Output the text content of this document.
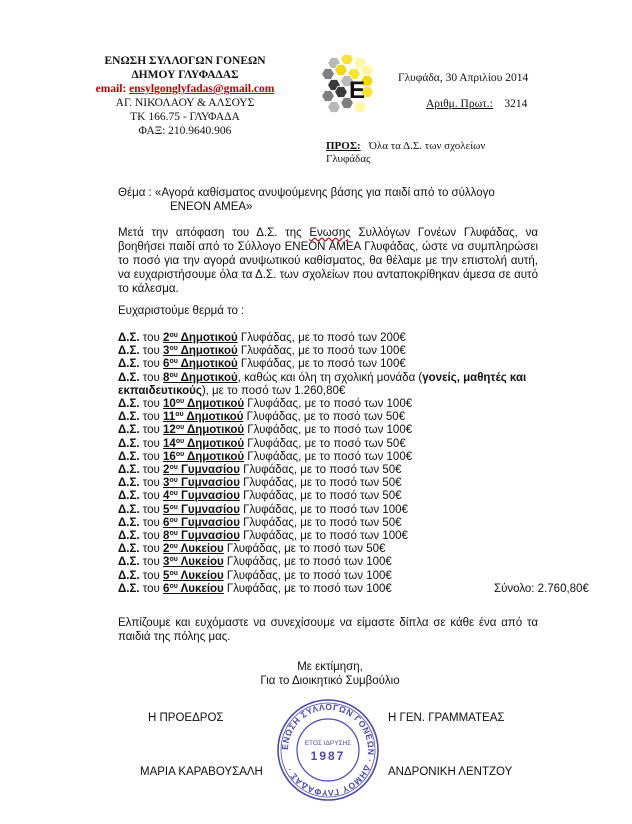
ΕΝΩΣΗ ΣΥΛΛΟΓΩΝ ΓΟΝΕΩΝ
ΔΗΜΟΥ ΓΛΥΦΑΔΑΣ
email: ensylgonglyfadas@gmail.com
ΑΓ. ΝΙΚΟΛΑΟΥ & ΑΛΣΟΥΣ
ΤΚ 166.75 - ΓΛΥΦΑΔΑ
ΦΑΞ: 210.9640.906
E	Γλυφάδα, 30 Απριλίου 2014
Αριθμ. Πρωτ.: 3214
ΠΡΟΣ: Όλα τα Δ.Σ. των σχολείων
Γλυφάδας
Θέμα : «Αγορά καθίσματος ανυψούμενης βάσης για παιδί από το σύλλογο
ΕΝΕΟΝ ΑΜΕΑ»
Μετά την απόφαση του Δ.Σ. της Ενωσης Συλλόγων Γονέων Γλυφάδας, να βοηθήσει παιδί από το Σύλλογο ΕΝΕΟΝ ΑΜΕΑ Γλυφάδας, ώστε να συμπληρώσει το ποσό για την αγορά ανυψωτικού καθίσματος, θα θέλαμε με την επιστολή αυτή, να ευχαριστήσουμε όλα τα Δ.Σ. των σχολείων που ανταποκρίθηκαν άμεσα σε αυτό το κάλεσμα.
Ευχαριστούμε θερμά το :
Δ.Σ. του $2^{o\upsilon}$ Δημοτικού Γλυφάδας, με το ποσό των 200€
Δ.Σ. του $3^{o\upsilon}$ Δημοτικού Γλυφάδας, με το ποσό των 100€
Δ.Σ. του $6^{o\upsilon}$ Δημοτικού Γλυφάδας, με το ποσό των 100€
Δ.Σ. του $8^{o\upsilon}$ Δημοτικού, καθώς και όλη τη σχολική μονάδα (γονείς, μαθητές και εκπαιδευτικούς), με το ποσό των 1.260,80€
Δ.Σ. του $10^{o\upsilon}$ Δημοτικού Γλυφάδας, με το ποσό των 100€
Δ.Σ. του $11^{o\upsilon}$ Δημοτικού Γλυφάδας, με το ποσό των 50€
Δ.Σ. του $12^{o\upsilon}$ Δημοτικού Γλυφάδας, με το ποσό των 100€
Δ.Σ. του $14^{o\upsilon}$ Δημοτικού Γλυφάδας, με το ποσό των 50€
Δ.Σ. του $16^{o\upsilon}$ Δημοτικού Γλυφάδας, με το ποσό των 100€
Δ.Σ. του $2^{o\upsilon}$ Γυμνασίου Γλυφάδας, με το ποσό των 50€
Δ.Σ. του $3^{o\upsilon}$ Γυμνασίου Γλυφάδας, με το ποσό των 50€
Δ.Σ. του $4^{o\upsilon}$ Γυμνασίου Γλυφάδας, με το ποσό των 50€
Δ.Σ. του $5^{o\upsilon}$ Γυμνασίου Γλυφάδας, με το ποσό των 100€
Δ.Σ. του $6^{o\upsilon}$ Γυμνασίου Γλυφάδας, με το ποσό των 50€
Δ.Σ. του $8^{o\upsilon}$ Γυμνασίου Γλυφάδας, με το ποσό των 100€
Δ.Σ. του $2^{o\upsilon}$ Λυκείου Γλυφάδας, με το ποσό των 50€
Δ.Σ. του $3^{o\upsilon}$ Λυκείου Γλυφάδας, με το ποσό των 100€
Δ.Σ. του $5^{o\upsilon}$ Λυκείου Γλυφάδας, με το ποσό των 100€
Δ.Σ. του $6^{o\upsilon}$ Λυκείου Γλυφάδας, με το ποσό των 100€	Σύνολο: 2.760,80€
Ελπίζουμε και ευχόμαστε να συνεχίσουμε να είμαστε δίπλα σε κάθε ένα από τα παιδιά της πόλης μας.
Με εκτίμηση,
Για το Διοικητικό Συμβούλιο
Η ΠΡΟΕΔΡΟΣ	Η ΓΕΝ. ΓΡΑΜΜΑΤΕΑΣ
ΜΑΡΙΑ ΚΑΡΑΒΟΥΣΑΛΗ	ΑΝΔΡΟΝΙΚΗ ΛΕΝΤΖΟΥ
ΕΝΩΣΗ ΣΥΛΛΟΓΩΝ ΓΟΝΕΩΝ · ΔΗΜΟΥ ΓΛΥΦΑΔΑΣ ·
ΕΤΟΣ ΙΔΡΥΣΗΣ
1987
